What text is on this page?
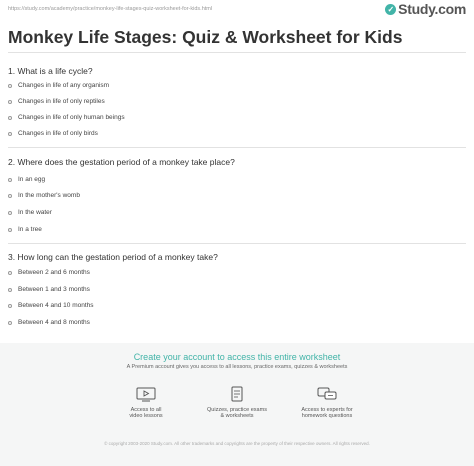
https://study.com/academy/practice/monkey-life-stages-quiz-worksheet-for-kids.html	✓ Study.com
Monkey Life Stages: Quiz & Worksheet for Kids
1. What is a life cycle?
Changes in life of any organism
Changes in life of only reptiles
Changes in life of only human beings
Changes in life of only birds
2. Where does the gestation period of a monkey take place?
In an egg
In the mother's womb
In the water
In a tree
3. How long can the gestation period of a monkey take?
Between 2 and 6 months
Between 1 and 3 months
Between 4 and 10 months
Between 4 and 8 months
Create your account to access this entire worksheet
A Premium account gives you access to all lessons, practice exams, quizzes & worksheets
Access to all
video lessons
Quizzes, practice exams
& worksheets
Access to experts for
homework questions
© copyright 2003-2020 Study.com. All other trademarks and copyrights are the property of their respective owners. All rights reserved.
